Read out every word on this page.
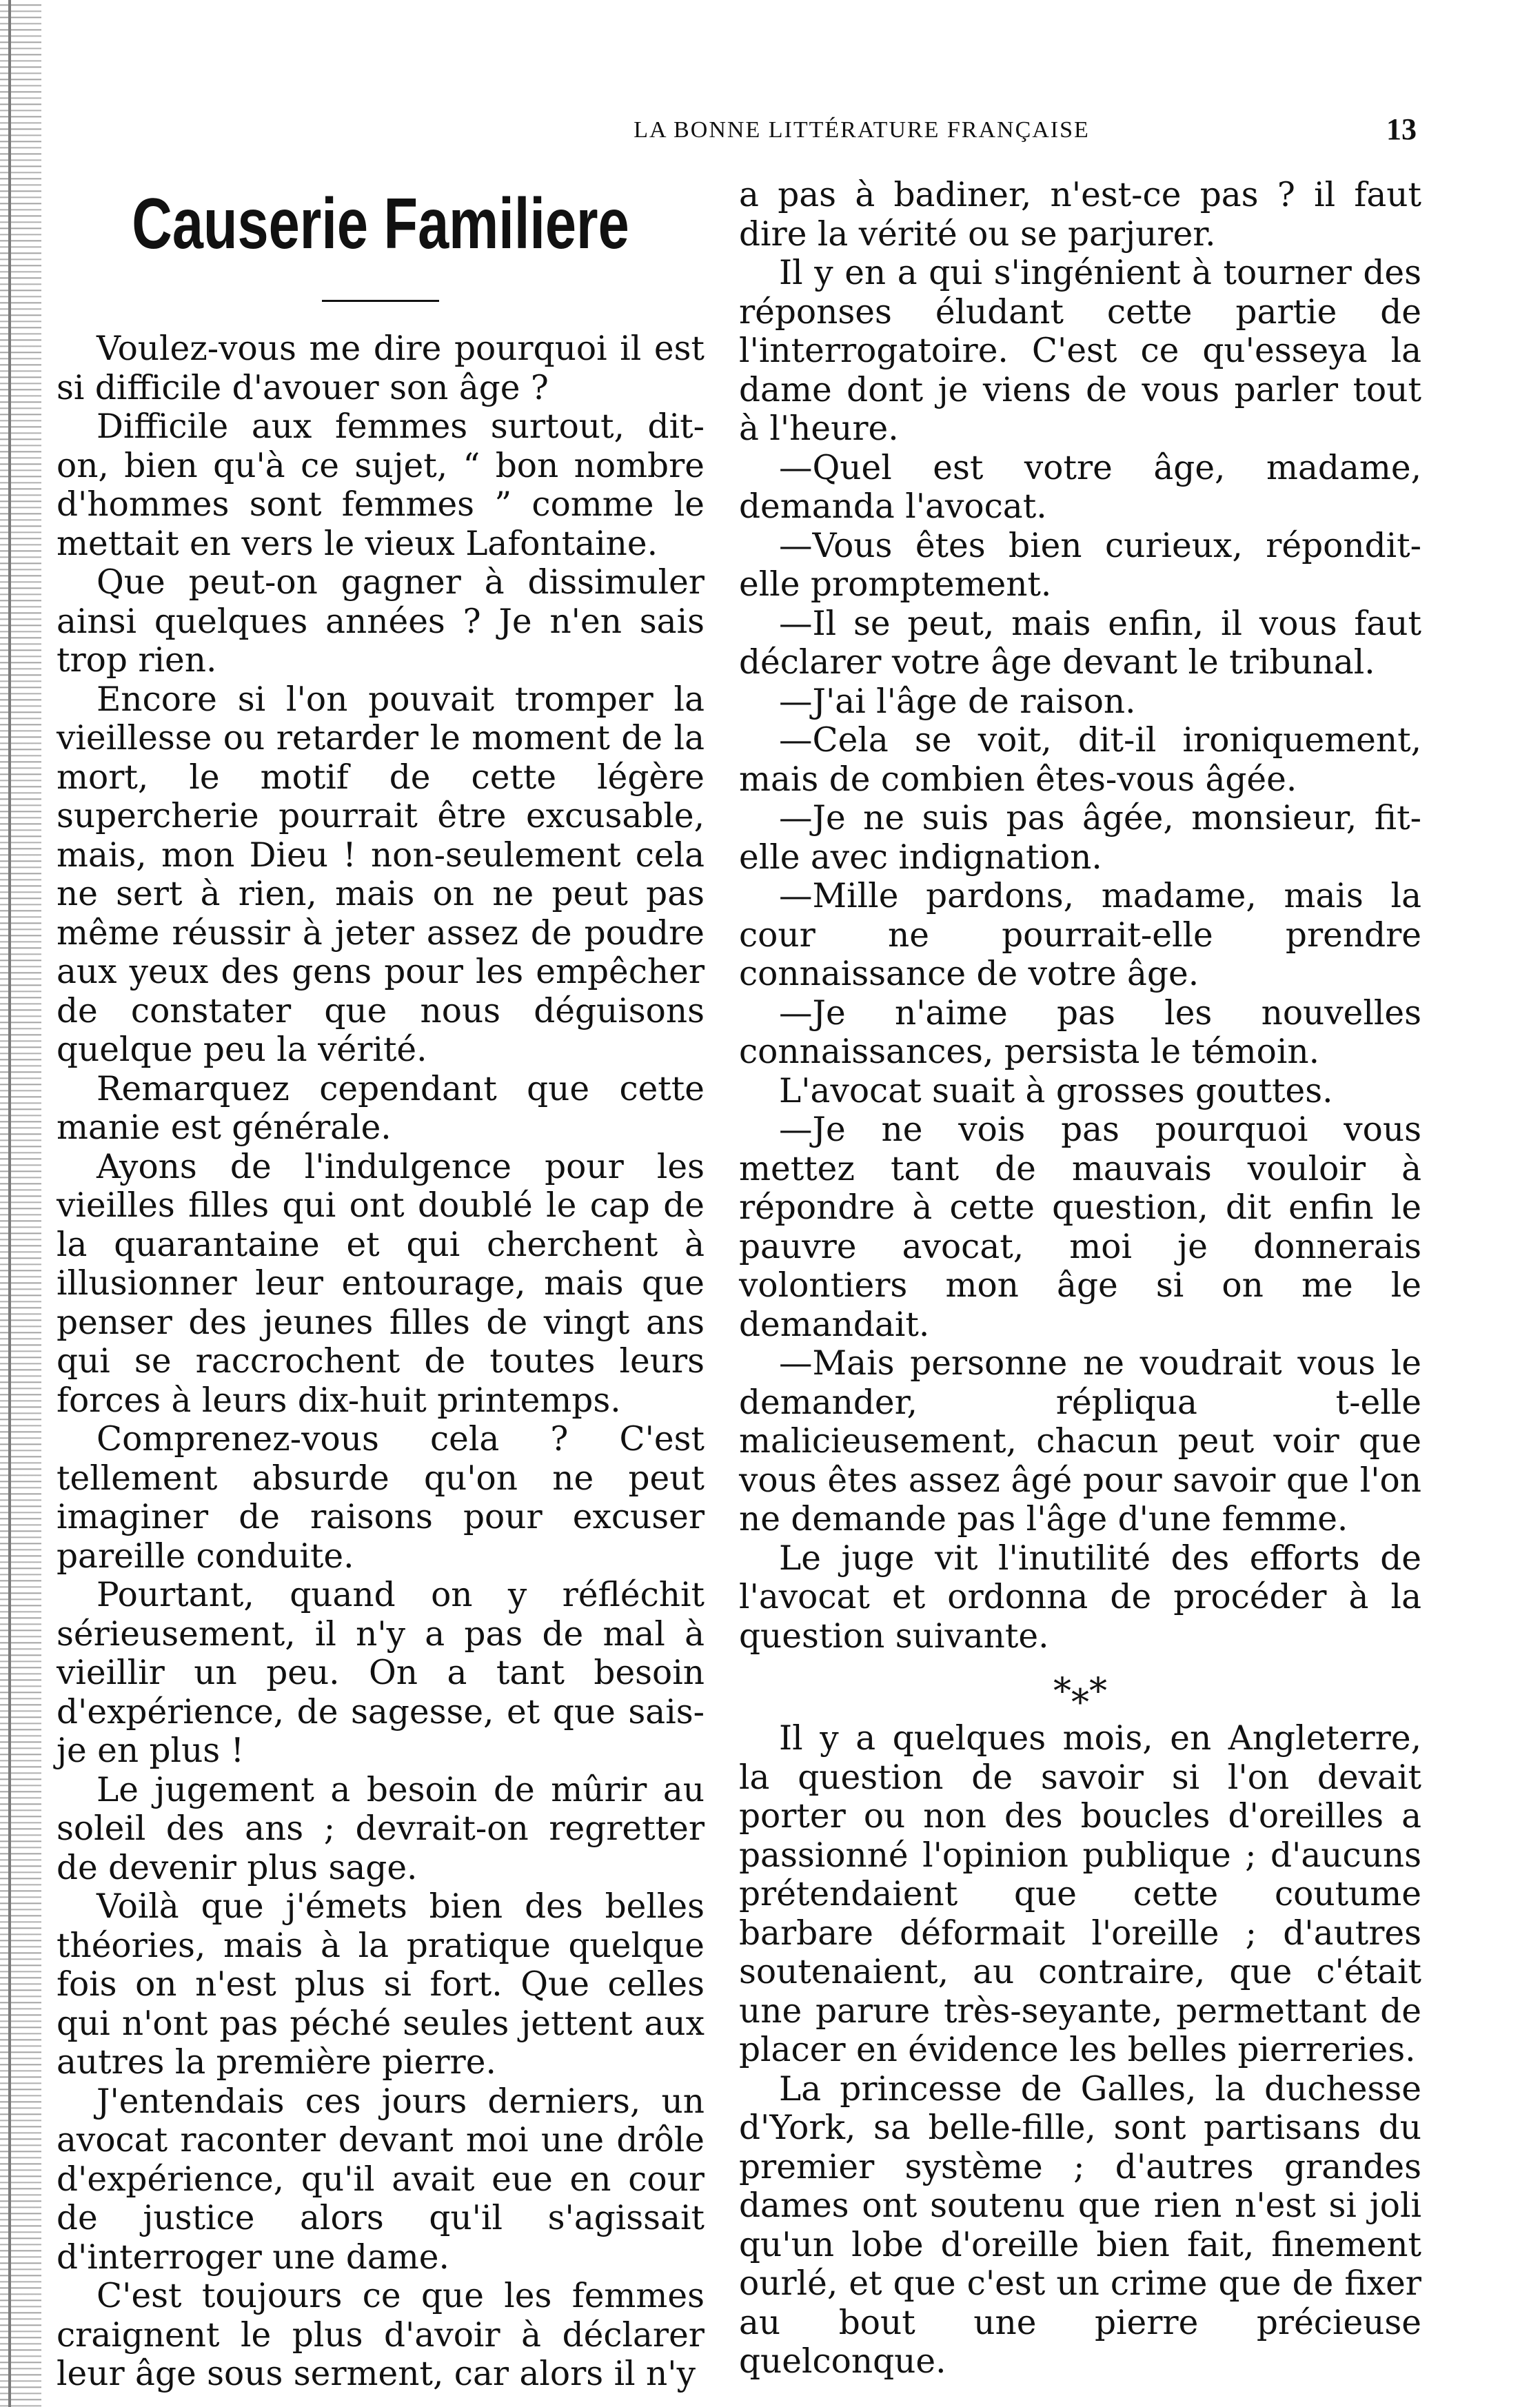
LA BONNE LITTÉRATURE FRANÇAISE	13
Causerie Familiere

Voulez-vous me dire pourquoi il est si difficile d'avouer son âge ?

Difficile aux femmes surtout, dit-on, bien qu'à ce sujet, “ bon nombre d'hommes sont femmes ” comme le mettait en vers le vieux Lafontaine.

Que peut-on gagner à dissimuler ainsi quelques années ? Je n'en sais trop rien.

Encore si l'on pouvait tromper la vieillesse ou retarder le moment de la mort, le motif de cette légère supercherie pourrait être excusable, mais, mon Dieu ! non-seulement cela ne sert à rien, mais on ne peut pas même réussir à jeter assez de poudre aux yeux des gens pour les empêcher de constater que nous déguisons quelque peu la vérité.

Remarquez cependant que cette manie est générale.

Ayons de l'indulgence pour les vieilles filles qui ont doublé le cap de la quarantaine et qui cherchent à illusionner leur entourage, mais que penser des jeunes filles de vingt ans qui se raccrochent de toutes leurs forces à leurs dix-huit printemps.

Comprenez-vous cela ? C'est tellement absurde qu'on ne peut imaginer de raisons pour excuser pareille conduite.

Pourtant, quand on y réfléchit sérieusement, il n'y a pas de mal à vieillir un peu. On a tant besoin d'expérience, de sagesse, et que sais-je en plus !

Le jugement a besoin de mûrir au soleil des ans ; devrait-on regretter de devenir plus sage.

Voilà que j'émets bien des belles théories, mais à la pratique quelque fois on n'est plus si fort. Que celles qui n'ont pas péché seules jettent aux autres la première pierre.

J'entendais ces jours derniers, un avocat raconter devant moi une drôle d'expérience, qu'il avait eue en cour de justice alors qu'il s'agissait d'interroger une dame.

C'est toujours ce que les femmes craignent le plus d'avoir à déclarer leur âge sous serment, car alors il n'y

a pas à badiner, n'est-ce pas ? il faut dire la vérité ou se parjurer.

Il y en a qui s'ingénient à tourner des réponses éludant cette partie de l'interrogatoire. C'est ce qu'esseya la dame dont je viens de vous parler tout à l'heure.

—Quel est votre âge, madame, demanda l'avocat.

—Vous êtes bien curieux, répondit-elle promptement.

—Il se peut, mais enfin, il vous faut déclarer votre âge devant le tribunal.

—J'ai l'âge de raison.

—Cela se voit, dit-il ironiquement, mais de combien êtes-vous âgée.

—Je ne suis pas âgée, monsieur, fit-elle avec indignation.

—Mille pardons, madame, mais la cour ne pourrait-elle prendre connaissance de votre âge.

—Je n'aime pas les nouvelles connaissances, persista le témoin.

L'avocat suait à grosses gouttes.

—Je ne vois pas pourquoi vous mettez tant de mauvais vouloir à répondre à cette question, dit enfin le pauvre avocat, moi je donnerais volontiers mon âge si on me le demandait.

—Mais personne ne voudrait vous le demander, répliqua t-elle malicieusement, chacun peut voir que vous êtes assez âgé pour savoir que l'on ne demande pas l'âge d'une femme.

Le juge vit l'inutilité des efforts de l'avocat et ordonna de procéder à la question suivante.

*⁎*

Il y a quelques mois, en Angleterre, la question de savoir si l'on devait porter ou non des boucles d'oreilles a passionné l'opinion publique ; d'aucuns prétendaient que cette coutume barbare déformait l'oreille ; d'autres soutenaient, au contraire, que c'était une parure très-seyante, permettant de placer en évidence les belles pierreries.

La princesse de Galles, la duchesse d'York, sa belle-fille, sont partisans du premier système ; d'autres grandes dames ont soutenu que rien n'est si joli qu'un lobe d'oreille bien fait, finement ourlé, et que c'est un crime que de fixer au bout une pierre précieuse quelconque.
